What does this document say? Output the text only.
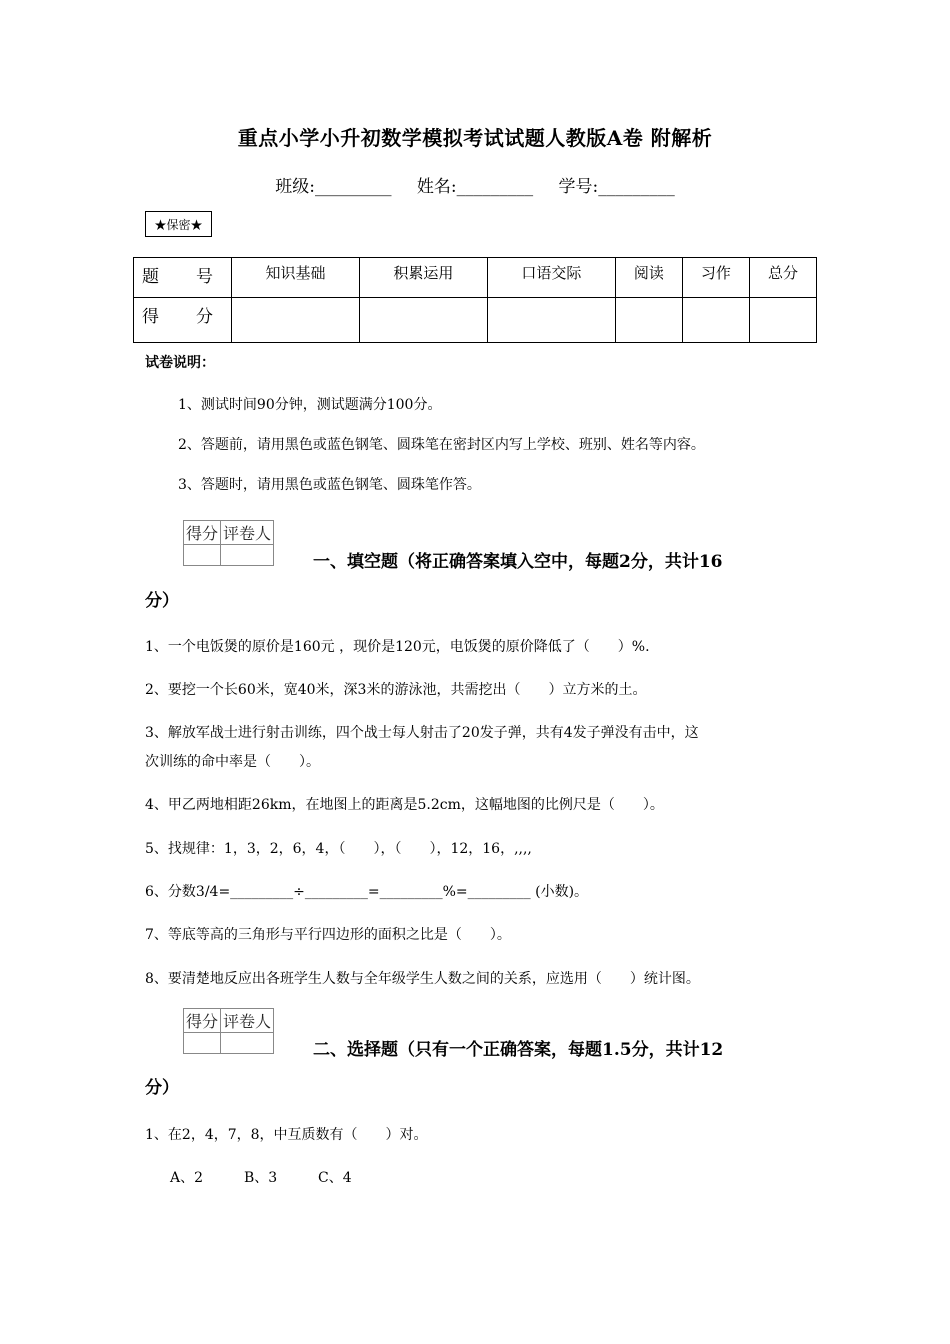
重点小学小升初数学模拟考试试题人教版A卷 附解析
班级:_________ 姓名:_________ 学号:_________
★保密★
题　号	知识基础	积累运用	口语交际	阅读	习作	总分
得　分						
试卷说明：
1、测试时间90分钟，测试题满分100分。
2、答题前，请用黑色或蓝色钢笔、圆珠笔在密封区内写上学校、班别、姓名等内容。
3、答题时，请用黑色或蓝色钢笔、圆珠笔作答。
得分	评卷人

一、填空题（将正确答案填入空中，每题2分，共计16
分）
1、一个电饭煲的原价是160元 ，现价是120元，电饭煲的原价降低了（　　）%.
2、要挖一个长60米，宽40米，深3米的游泳池，共需挖出（　　）立方米的土。
3、解放军战士进行射击训练，四个战士每人射击了20发子弹，共有4发子弹没有击中，这
次训练的命中率是（　　）。
4、甲乙两地相距26km，在地图上的距离是5.2cm，这幅地图的比例尺是（　　）。
5、找规律：1，3，2，6，4，（　　），（　　），12，16，,,,,
6、分数3/4=_________÷_________=_________%=_________ (小数)。
7、等底等高的三角形与平行四边形的面积之比是（　　）。
8、要清楚地反应出各班学生人数与全年级学生人数之间的关系，应选用（　　）统计图。
得分	评卷人

二、选择题（只有一个正确答案，每题1.5分，共计12
分）
1、在2，4，7，8，中互质数有（　　）对。
A、2	B、3	C、4
